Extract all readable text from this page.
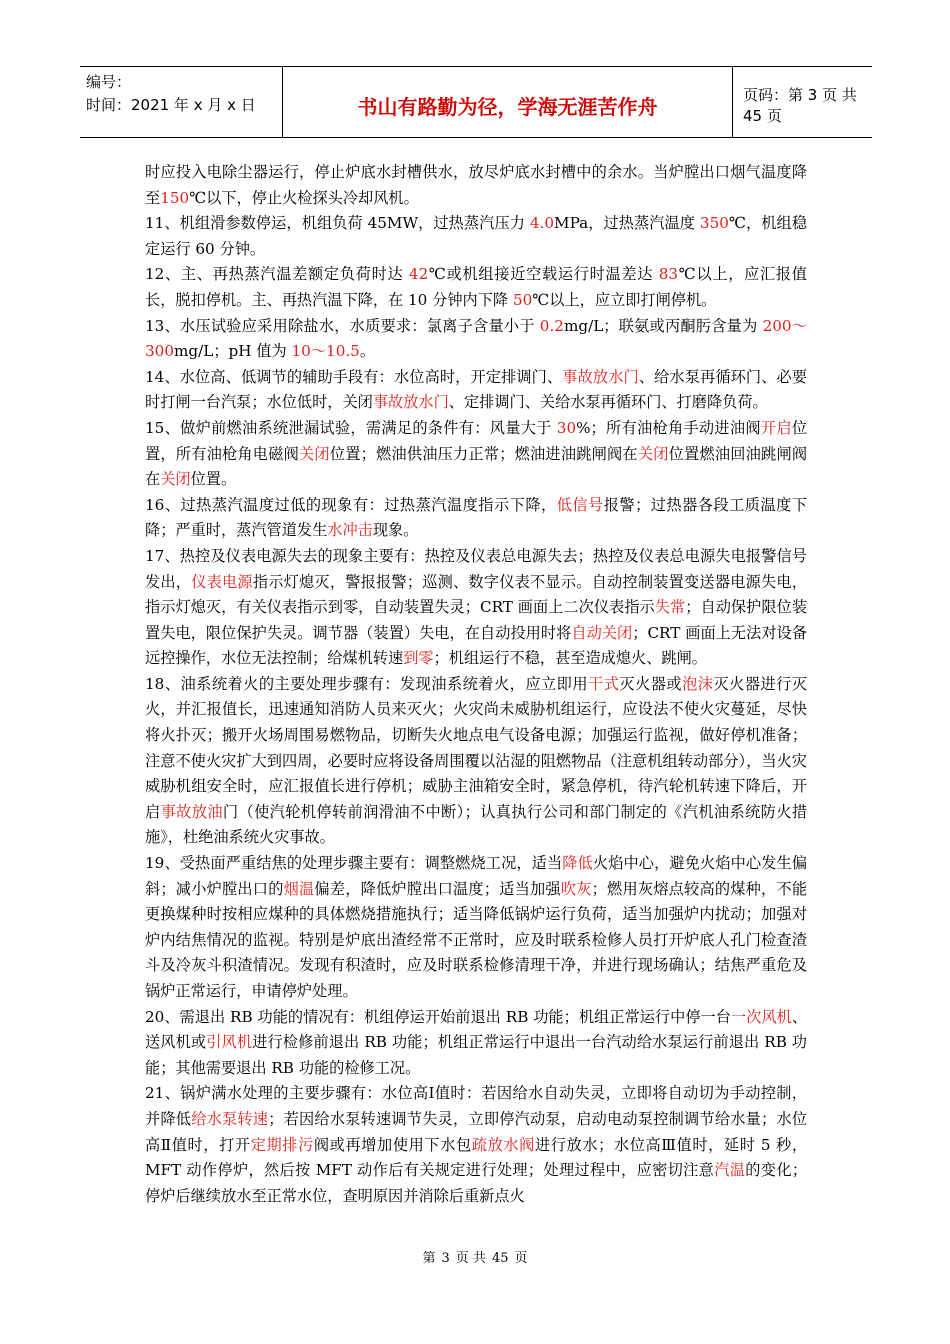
编号：
时间：2021 年 x 月 x 日	书山有路勤为径，学海无涯苦作舟	页码：第 3 页 共 45 页

时应投入电除尘器运行，停止炉底水封槽供水，放尽炉底水封槽中的余水。当炉膛出口烟气温度降至150℃以下，停止火检探头冷却风机。

11、机组滑参数停运，机组负荷 45MW，过热蒸汽压力 4.0MPa，过热蒸汽温度 350℃，机组稳定运行 60 分钟。

12、主、再热蒸汽温差额定负荷时达 42℃或机组接近空载运行时温差达 83℃以上，应汇报值长，脱扣停机。主、再热汽温下降，在 10 分钟内下降 50℃以上，应立即打闸停机。

13、水压试验应采用除盐水，水质要求：氯离子含量小于 0.2mg/L；联氨或丙酮肟含量为 200～300mg/L；pH 值为 10～10.5。

14、水位高、低调节的辅助手段有：水位高时，开定排调门、事故放水门、给水泵再循环门、必要时打闸一台汽泵；水位低时，关闭事故放水门、定排调门、关给水泵再循环门、打磨降负荷。

15、做炉前燃油系统泄漏试验，需满足的条件有：风量大于 30%；所有油枪角手动进油阀开启位置，所有油枪角电磁阀关闭位置；燃油供油压力正常；燃油进油跳闸阀在关闭位置燃油回油跳闸阀在关闭位置。

16、过热蒸汽温度过低的现象有：过热蒸汽温度指示下降，低信号报警；过热器各段工质温度下降；严重时，蒸汽管道发生水冲击现象。

17、热控及仪表电源失去的现象主要有：热控及仪表总电源失去；热控及仪表总电源失电报警信号发出，仪表电源指示灯熄灭，警报报警；巡测、数字仪表不显示。自动控制装置变送器电源失电，指示灯熄灭，有关仪表指示到零，自动装置失灵；CRT 画面上二次仪表指示失常；自动保护限位装置失电，限位保护失灵。调节器（装置）失电，在自动投用时将自动关闭；CRT 画面上无法对设备远控操作，水位无法控制；给煤机转速到零；机组运行不稳，甚至造成熄火、跳闸。

18、油系统着火的主要处理步骤有：发现油系统着火，应立即用干式灭火器或泡沫灭火器进行灭火，并汇报值长，迅速通知消防人员来灭火；火灾尚未威胁机组运行，应设法不使火灾蔓延，尽快将火扑灭；搬开火场周围易燃物品，切断失火地点电气设备电源；加强运行监视，做好停机准备；注意不使火灾扩大到四周，必要时应将设备周围覆以沾湿的阻燃物品（注意机组转动部分），当火灾威胁机组安全时，应汇报值长进行停机；威胁主油箱安全时，紧急停机，待汽轮机转速下降后，开启事故放油门（使汽轮机停转前润滑油不中断）；认真执行公司和部门制定的《汽机油系统防火措施》，杜绝油系统火灾事故。

19、受热面严重结焦的处理步骤主要有：调整燃烧工况，适当降低火焰中心，避免火焰中心发生偏斜；减小炉膛出口的烟温偏差，降低炉膛出口温度；适当加强吹灰；燃用灰熔点较高的煤种，不能更换煤种时按相应煤种的具体燃烧措施执行；适当降低锅炉运行负荷，适当加强炉内扰动；加强对炉内结焦情况的监视。特别是炉底出渣经常不正常时，应及时联系检修人员打开炉底人孔门检查渣斗及冷灰斗积渣情况。发现有积渣时，应及时联系检修清理干净，并进行现场确认；结焦严重危及锅炉正常运行，申请停炉处理。

20、需退出 RB 功能的情况有：机组停运开始前退出 RB 功能；机组正常运行中停一台一次风机、送风机或引风机进行检修前退出 RB 功能；机组正常运行中退出一台汽动给水泵运行前退出 RB 功能；其他需要退出 RB 功能的检修工况。

21、锅炉满水处理的主要步骤有：水位高Ⅰ值时：若因给水自动失灵，立即将自动切为手动控制，并降低给水泵转速；若因给水泵转速调节失灵，立即停汽动泵，启动电动泵控制调节给水量；水位高Ⅱ值时，打开定期排污阀或再增加使用下水包疏放水阀进行放水；水位高Ⅲ值时，延时 5 秒，MFT 动作停炉，然后按 MFT 动作后有关规定进行处理；处理过程中，应密切注意汽温的变化；停炉后继续放水至正常水位，查明原因并消除后重新点火

第 3 页 共 45 页
